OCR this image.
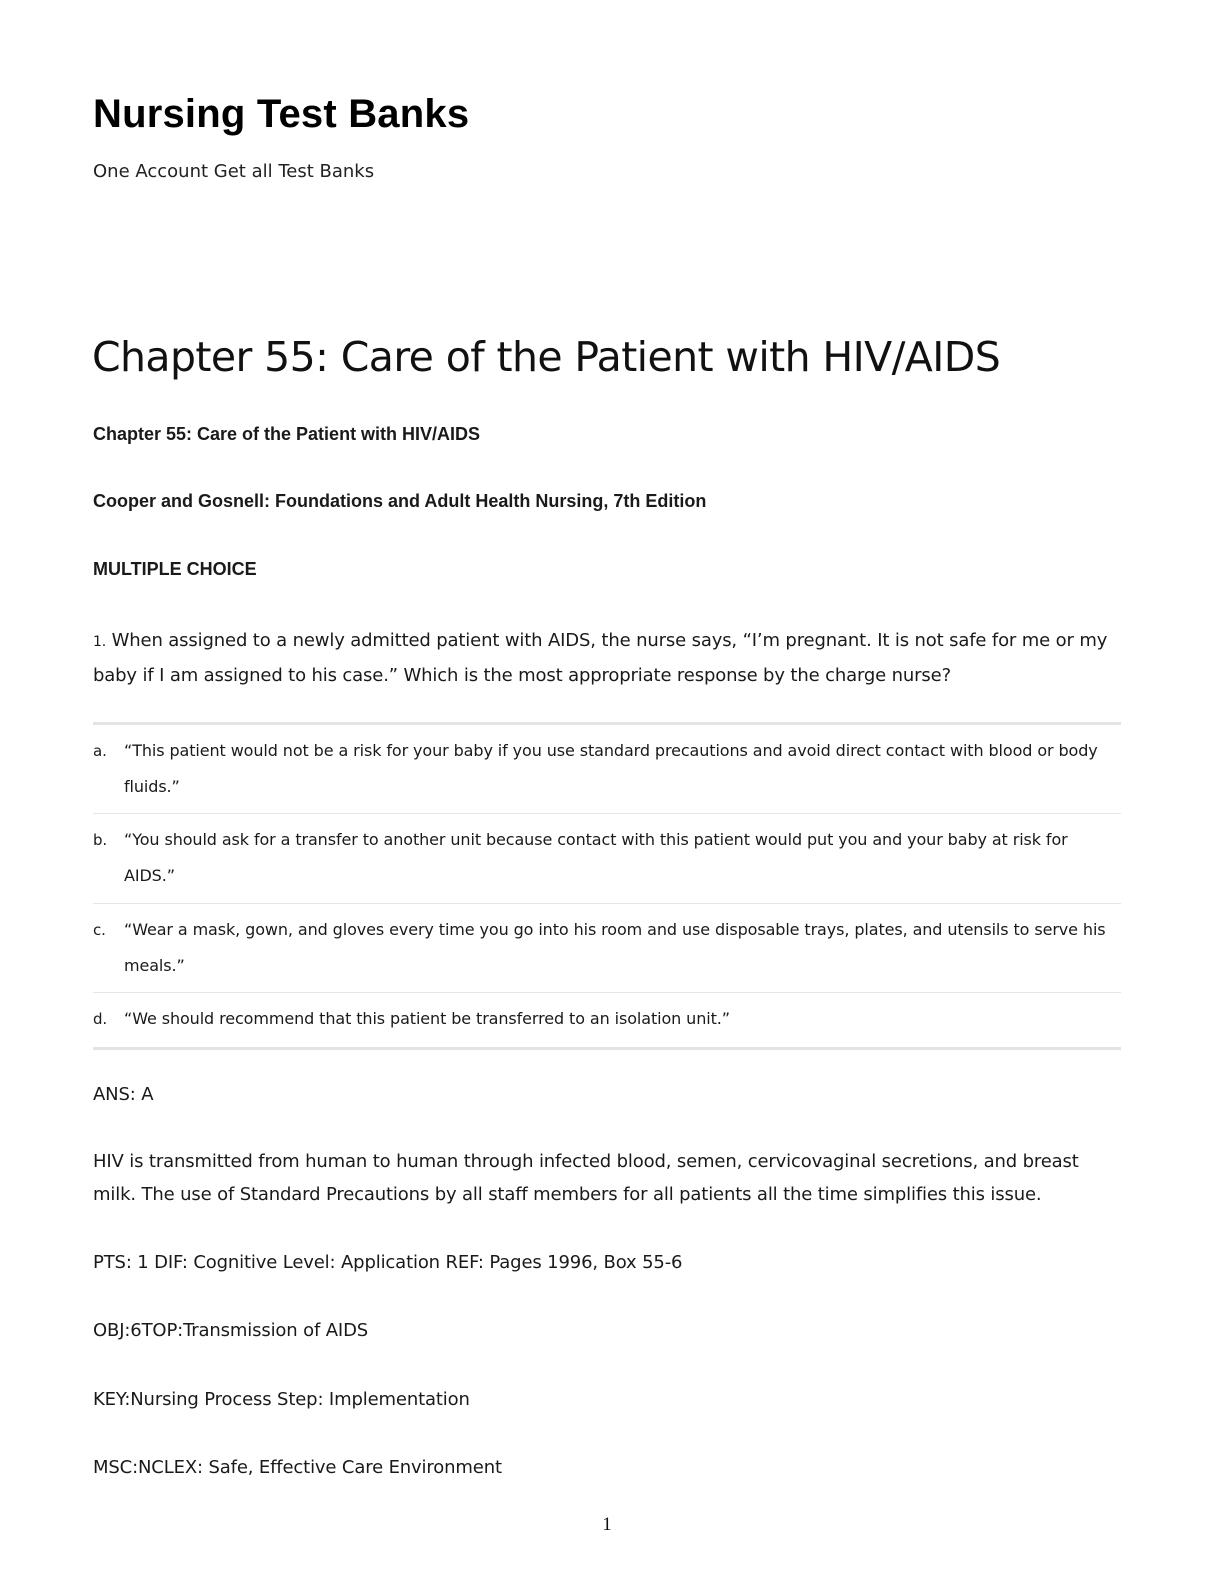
Nursing Test Banks

One Account Get all Test Banks

Chapter 55: Care of the Patient with HIV/AIDS

Chapter 55: Care of the Patient with HIV/AIDS

Cooper and Gosnell: Foundations and Adult Health Nursing, 7th Edition

MULTIPLE CHOICE

1. When assigned to a newly admitted patient with AIDS, the nurse says, “I’m pregnant. It is not safe for me or my baby if I am assigned to his case.” Which is the most appropriate response by the charge nurse?

a. “This patient would not be a risk for your baby if you use standard precautions and avoid direct contact with blood or body fluids.”
b. “You should ask for a transfer to another unit because contact with this patient would put you and your baby at risk for AIDS.”
c. “Wear a mask, gown, and gloves every time you go into his room and use disposable trays, plates, and utensils to serve his meals.”
d. “We should recommend that this patient be transferred to an isolation unit.”

ANS: A

HIV is transmitted from human to human through infected blood, semen, cervicovaginal secretions, and breast milk. The use of Standard Precautions by all staff members for all patients all the time simplifies this issue.

PTS: 1 DIF: Cognitive Level: Application REF: Pages 1996, Box 55-6

OBJ:6TOP:Transmission of AIDS

KEY:Nursing Process Step: Implementation

MSC:NCLEX: Safe, Effective Care Environment

1
